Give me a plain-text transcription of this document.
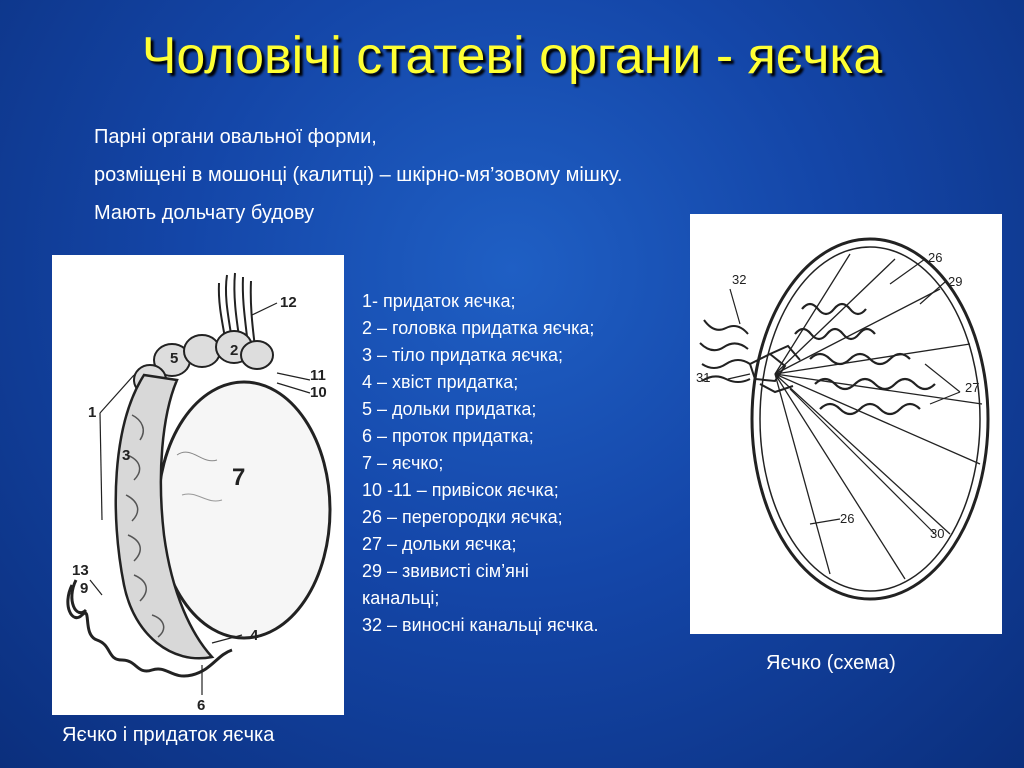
Чоловічі статеві органи - яєчка

Парні органи овальної форми,

розміщені в мошонці (калитці) – шкірно-мя’зовому мішку.

Мають дольчату будову

1
2
3
4
5
6
7
9
10
11
12
13
1- придаток яєчка;
2 – головка придатка яєчка;
3 – тіло придатка яєчка;
4 – хвіст придатка;
5 – дольки придатка;
6 – проток придатка;
7 – яєчко;
10 -11 – привісок яєчка;
26 – перегородки яєчка;
27 – дольки яєчка;
29 – звивисті сім’яні
канальці;
32 – виносні канальці яєчка.
26
29
27
26
30
31
32
Яєчко і придаток яєчка
Яєчко (схема)
